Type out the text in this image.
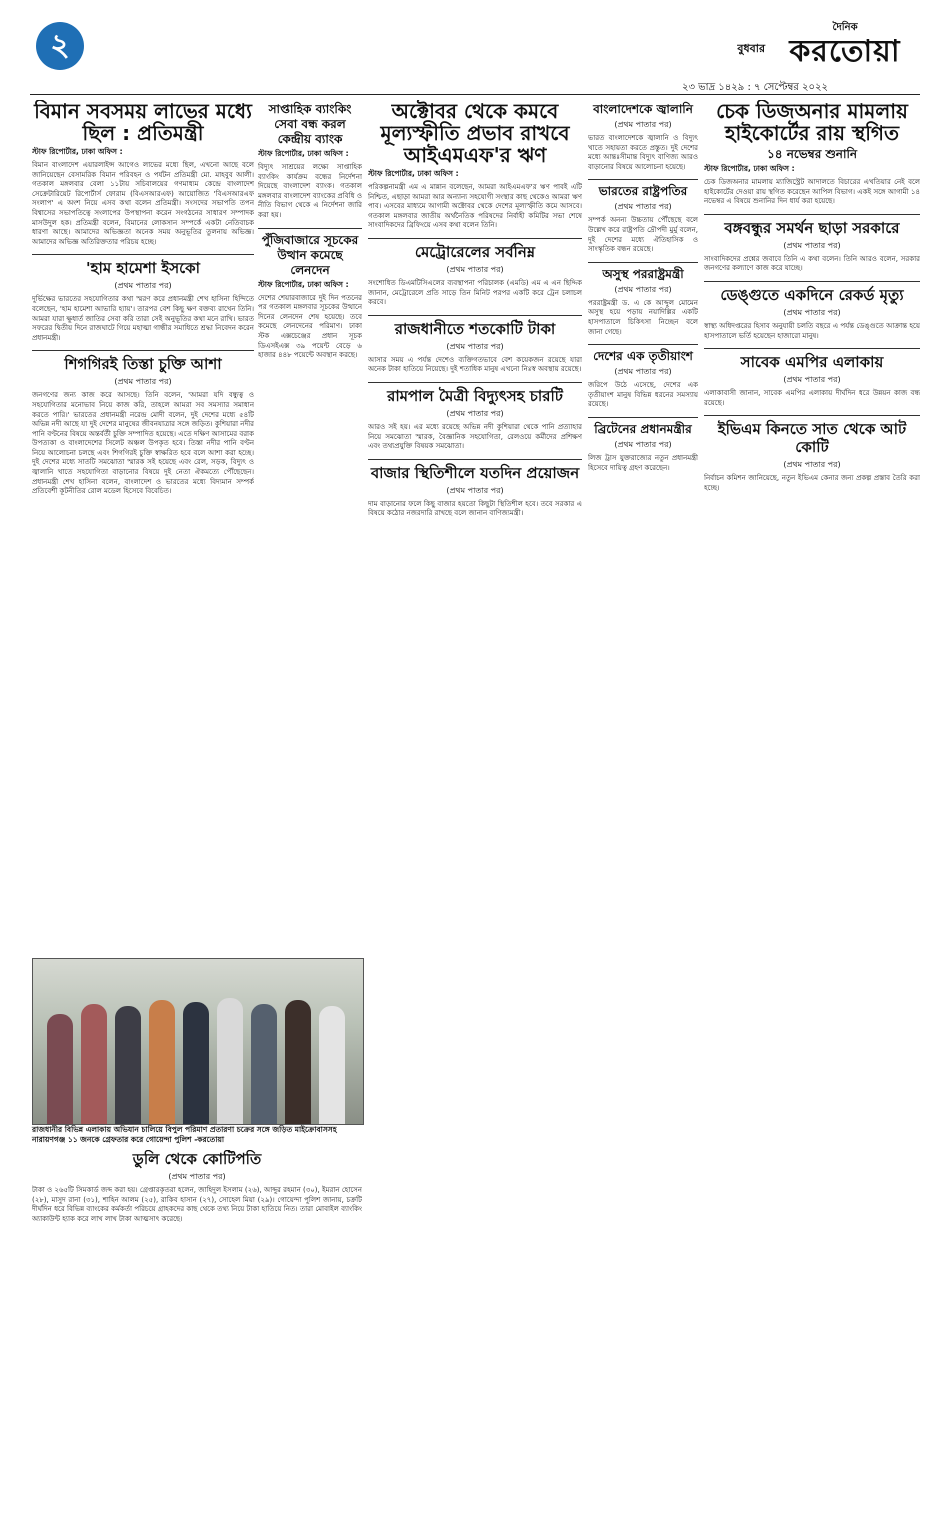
২	বুধবার
দৈনিক
করতোয়া
২৩ ভাদ্র ১৪২৯ : ৭ সেপ্টেম্বর ২০২২
বিমান সবসময় লাভের মধ্যে ছিল : প্রতিমন্ত্রী
স্টাফ রিপোর্টার, ঢাকা অফিস :

বিমান বাংলাদেশ এয়ারলাইন্স আগেও লাভের মধ্যে ছিল, এখনো আছে বলে জানিয়েছেন বেসামরিক বিমান পরিবহন ও পর্যটন প্রতিমন্ত্রী মো. মাহবুব আলী। গতকাল মঙ্গলবার বেলা ১১টায় সচিবালয়ের গণমাধ্যম কেন্দ্রে বাংলাদেশ সেক্রেটারিয়েট রিপোর্টার্স ফোরাম (বিএসআরএফ) আয়োজিত 'বিএসআরএফ সংলাপ' এ অংশ নিয়ে এসব কথা বলেন প্রতিমন্ত্রী। সংসদের সভাপতি তপন বিশ্বাসের সভাপতিত্বে সংলাপের উপস্থাপনা করেন সংগঠনের সাধারণ সম্পাদক মাসউদুল হক। প্রতিমন্ত্রী বলেন, বিমানের লোকসান সম্পর্কে একটা নেতিবাচক ধারণা আছে। আমাদের অভিজ্ঞতা অনেক সময় অনুভূতির তুলনায় অভিজ্ঞ। আমাদের অভিজ্ঞ অতিরিক্ততার পরিচয় হচ্ছে।

'হাম হামেশা ইসকো
(প্রথম পাতার পর)

দুর্ভিক্ষের ভারতের সহযোগিতার কথা স্মরণ করে প্রধানমন্ত্রী শেখ হাসিনা হিন্দিতে বলেছেন, 'হাম হামেশা আভারি হ্যায়'। তারপর বেশ কিছু ক্ষণ বক্তব্য রাখেন তিনি। আমরা যারা ক্ষুধার্ত জাতির সেবা করি তারা সেই অনুভূতির কথা মনে রাখি। ভারত সফরের দ্বিতীয় দিনে রাজঘাটে গিয়ে মহাত্মা গান্ধীর সমাধিতে শ্রদ্ধা নিবেদন করেন প্রধানমন্ত্রী।

শিগগিরই তিস্তা চুক্তি আশা
(প্রথম পাতার পর)

জনগণের জন্য কাজ করে আসছে। তিনি বলেন, 'আমরা যদি বন্ধুত্ব ও সহযোগিতার মনোভাব নিয়ে কাজ করি, তাহলে আমরা সব সমস্যার সমাধান করতে পারি।' ভারতের প্রধানমন্ত্রী নরেন্দ্র মোদী বলেন, দুই দেশের মধ্যে ৫৪টি অভিন্ন নদী আছে যা দুই দেশের মানুষের জীবনযাত্রার সঙ্গে জড়িত। কুশিয়ারা নদীর পানি বণ্টনের বিষয়ে অন্তর্বর্তী চুক্তি সম্পাদিত হয়েছে। এতে দক্ষিণ আসামের বরাক উপত্যকা ও বাংলাদেশের সিলেট অঞ্চল উপকৃত হবে। তিস্তা নদীর পানি বণ্টন নিয়ে আলোচনা চলছে এবং শিগগিরই চুক্তি স্বাক্ষরিত হবে বলে আশা করা হচ্ছে। দুই দেশের মধ্যে সাতটি সমঝোতা স্মারক সই হয়েছে এবং রেল, সড়ক, বিদ্যুৎ ও জ্বালানি খাতে সহযোগিতা বাড়ানোর বিষয়ে দুই নেতা ঐকমত্যে পৌঁছেছেন। প্রধানমন্ত্রী শেখ হাসিনা বলেন, বাংলাদেশ ও ভারতের মধ্যে বিদ্যমান সম্পর্ক প্রতিবেশী কূটনীতির রোল মডেল হিসেবে বিবেচিত।

সাপ্তাহিক ব্যাংকিং সেবা বন্ধ করল কেন্দ্রীয় ব্যাংক
স্টাফ রিপোর্টার, ঢাকা অফিস :

বিদ্যুৎ সাশ্রয়ের লক্ষ্যে সাপ্তাহিক ব্যাংকিং কার্যক্রম বন্ধের নির্দেশনা দিয়েছে বাংলাদেশ ব্যাংক। গতকাল মঙ্গলবার বাংলাদেশ ব্যাংকের প্রবিধি ও নীতি বিভাগ থেকে এ নির্দেশনা জারি করা হয়।

পুঁজিবাজারে সূচকের উত্থান কমেছে লেনদেন
স্টাফ রিপোর্টার, ঢাকা অফিস :

দেশের শেয়ারবাজারে দুই দিন পতনের পর গতকাল মঙ্গলবার সূচকের উত্থানে দিনের লেনদেন শেষ হয়েছে। তবে কমেছে লেনদেনের পরিমাণ। ঢাকা স্টক এক্সচেঞ্জের প্রধান সূচক ডিএসইএক্স ৩৯ পয়েন্ট বেড়ে ৬ হাজার ৪৪৮ পয়েন্টে অবস্থান করছে।

রাজধানীর বিভিন্ন এলাকায় অভিযান চালিয়ে বিপুল পরিমাণ প্রতারণা চক্রের সঙ্গে জড়িত মাইক্রোবাসসহ নারায়ণগঞ্জ ১১ জনকে গ্রেফতার করে গোয়েন্দা পুলিশ -করতোয়া
ডুলি থেকে কোটিপতি
(প্রথম পাতার পর)

টাকা ও ২৬৫টি সিমকার্ড জব্দ করা হয়। গ্রেপ্তারকৃতরা হলেন, জাহিদুল ইসলাম (২৬), আব্দুর রহমান (৩০), ইমরান হোসেন (২৮), মাসুদ রানা (৩১), শাহিন আলম (২৫), রাকিব হাসান (২৭), সোহেল মিয়া (২৯)। গোয়েন্দা পুলিশ জানায়, চক্রটি দীর্ঘদিন ধরে বিভিন্ন ব্যাংকের কর্মকর্তা পরিচয়ে গ্রাহকদের কাছ থেকে তথ্য নিয়ে টাকা হাতিয়ে নিত। তারা মোবাইল ব্যাংকিং অ্যাকাউন্ট হ্যাক করে লাখ লাখ টাকা আত্মসাৎ করেছে।

অক্টোবর থেকে কমবে মূল্যস্ফীতি প্রভাব রাখবে আইএমএফ'র ঋণ
স্টাফ রিপোর্টার, ঢাকা অফিস :

পরিকল্পনামন্ত্রী এম এ মান্নান বলেছেন, আমরা আইএমএফ'র ঋণ পাবই এটি নিশ্চিত, এছাড়া আমরা আর অন্যান্য সহযোগী সংস্থার কাছ থেকেও আমরা ঋণ পাব। এসবের মাধ্যমে আগামী অক্টোবর থেকে দেশের মূল্যস্ফীতি কমে আসবে। গতকাল মঙ্গলবার জাতীয় অর্থনৈতিক পরিষদের নির্বাহী কমিটির সভা শেষে সাংবাদিকদের ব্রিফিংয়ে এসব কথা বলেন তিনি।

মেট্রোরেলের সর্বনিম্ন
(প্রথম পাতার পর)

সংশোধিত ডিএমটিসিএলের ব্যবস্থাপনা পরিচালক (এমডি) এম এ এন ছিদ্দিক জানান, মেট্রোরেলে প্রতি সাড়ে তিন মিনিট পরপর একটি করে ট্রেন চলাচল করবে।

রাজধানীতে শতকোটি টাকা
(প্রথম পাতার পর)

আসার সময় এ পর্যন্ত দেশেও ব্যক্তিগতভাবে বেশ কয়েকজন রয়েছে যারা অনেক টাকা হাতিয়ে নিয়েছে। দুই শতাধিক মানুষ এখনো নিঃস্ব অবস্থায় রয়েছে।

রামপাল মৈত্রী বিদ্যুৎসহ চারটি
(প্রথম পাতার পর)

আরও সই হয়। এর মধ্যে রয়েছে অভিন্ন নদী কুশিয়ারা থেকে পানি প্রত্যাহার নিয়ে সমঝোতা স্মারক, বৈজ্ঞানিক সহযোগিতা, রেলওয়ে কর্মীদের প্রশিক্ষণ এবং তথ্যপ্রযুক্তি বিষয়ক সমঝোতা।

বাজার স্থিতিশীলে যতদিন প্রয়োজন
(প্রথম পাতার পর)

দাম বাড়ানোর ফলে কিছু বাজার হয়তো কিছুটা স্থিতিশীল হবে। তবে সরকার এ বিষয়ে কঠোর নজরদারি রাখছে বলে জানান বাণিজ্যমন্ত্রী।

বাংলাদেশকে জ্বালানি
(প্রথম পাতার পর)

ভারত বাংলাদেশকে জ্বালানি ও বিদ্যুৎ খাতে সহায়তা করতে প্রস্তুত। দুই দেশের মধ্যে আন্তঃসীমান্ত বিদ্যুৎ বাণিজ্য আরও বাড়ানোর বিষয়ে আলোচনা হয়েছে।

ভারতের রাষ্ট্রপতির
(প্রথম পাতার পর)

সম্পর্ক অনন্য উচ্চতায় পৌঁছেছে বলে উল্লেখ করে রাষ্ট্রপতি দ্রৌপদী মুর্মু বলেন, দুই দেশের মধ্যে ঐতিহাসিক ও সাংস্কৃতিক বন্ধন রয়েছে।

অসুস্থ পররাষ্ট্রমন্ত্রী
(প্রথম পাতার পর)

পররাষ্ট্রমন্ত্রী ড. এ কে আব্দুল মোমেন অসুস্থ হয়ে পড়ায় নয়াদিল্লির একটি হাসপাতালে চিকিৎসা নিচ্ছেন বলে জানা গেছে।

দেশের এক তৃতীয়াংশ
(প্রথম পাতার পর)

জরিপে উঠে এসেছে, দেশের এক তৃতীয়াংশ মানুষ বিভিন্ন ধরনের সমস্যায় রয়েছে।

ব্রিটেনের প্রধানমন্ত্রীর
(প্রথম পাতার পর)

লিজ ট্রাস যুক্তরাজ্যের নতুন প্রধানমন্ত্রী হিসেবে দায়িত্ব গ্রহণ করেছেন।

চেক ডিজঅনার মামলায় হাইকোর্টের রায় স্থগিত
১৪ নভেম্বর শুনানি
স্টাফ রিপোর্টার, ঢাকা অফিস :

চেক ডিজঅনার মামলায় ম্যাজিস্ট্রেট আদালতে বিচারের এখতিয়ার নেই বলে হাইকোর্টের দেওয়া রায় স্থগিত করেছেন আপিল বিভাগ। একই সঙ্গে আগামী ১৪ নভেম্বর এ বিষয়ে শুনানির দিন ধার্য করা হয়েছে।

বঙ্গবন্ধুর সমর্থন ছাড়া সরকারে
(প্রথম পাতার পর)

সাংবাদিকদের প্রশ্নের জবাবে তিনি এ কথা বলেন। তিনি আরও বলেন, সরকার জনগণের কল্যাণে কাজ করে যাচ্ছে।

ডেঙ্গুতে একদিনে রেকর্ড মৃত্যু
(প্রথম পাতার পর)

স্বাস্থ্য অধিদপ্তরের হিসাব অনুযায়ী চলতি বছরে এ পর্যন্ত ডেঙ্গুতে আক্রান্ত হয়ে হাসপাতালে ভর্তি হয়েছেন হাজারো মানুষ।

সাবেক এমপির এলাকায়
(প্রথম পাতার পর)

এলাকাবাসী জানান, সাবেক এমপির এলাকায় দীর্ঘদিন ধরে উন্নয়ন কাজ বন্ধ রয়েছে।

ইভিএম কিনতে সাত থেকে আট কোটি
(প্রথম পাতার পর)

নির্বাচন কমিশন জানিয়েছে, নতুন ইভিএম কেনার জন্য প্রকল্প প্রস্তাব তৈরি করা হচ্ছে।
